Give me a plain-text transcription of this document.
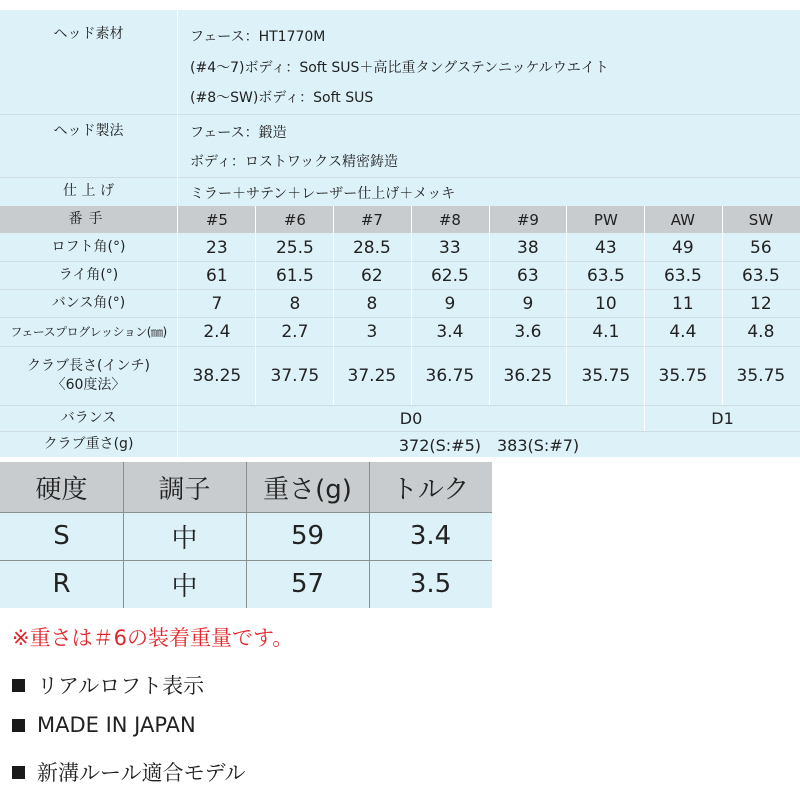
ヘッド素材	フェース：HT1770M
(#4〜7)ボディ：Soft SUS＋高比重タングステンニッケルウエイト
(#8〜SW)ボディ：Soft SUS
ヘッド製法	フェース：鍛造
ボディ：ロストワックス精密鋳造
仕 上 げ	ミラー＋サテン＋レーザー仕上げ＋メッキ
番手	#5	#6	#7	#8	#9	PW	AW	SW
ロフト角(°)	23	25.5	28.5	33	38	43	49	56
ライ角(°)	61	61.5	62	62.5	63	63.5	63.5	63.5
バンス角(°)	7	8	8	9	9	10	11	12
フェースプログレッション(㎜)	2.4	2.7	3	3.4	3.6	4.1	4.4	4.8
クラブ長さ(インチ)
〈60度法〉	38.25	37.75	37.25	36.75	36.25	35.75	35.75	35.75
バランス	D0	D1
クラブ重さ(g)	372(S:#5)　383(S:#7)
硬度	調子	重さ(g)	トルク
S	中	59	3.4
R	中	57	3.5
※重さは＃6の装着重量です。
リアルロフト表示
MADE IN JAPAN
新溝ルール適合モデル
